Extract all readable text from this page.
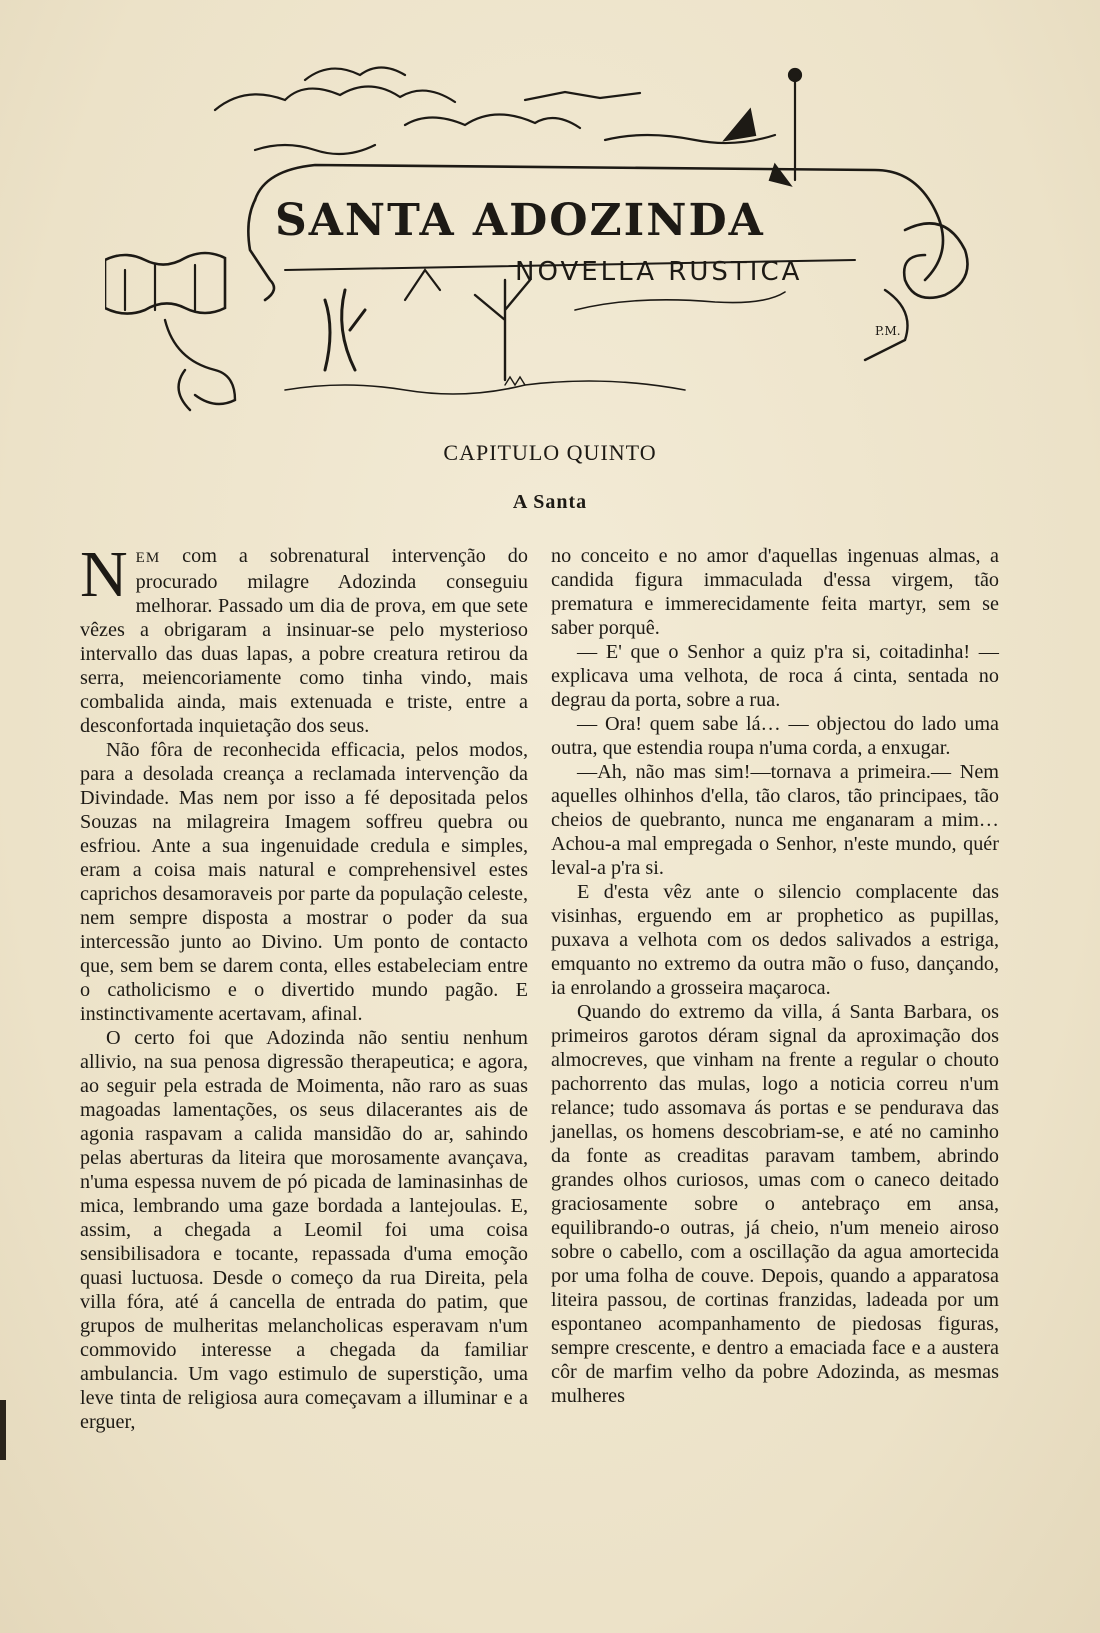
SANTA ADOZINDA
NOVELLA RUSTICA
P.M.
CAPITULO QUINTO
A Santa

NEM com a sobrenatural intervenção do procurado milagre Adozinda conseguiu melhorar. Passado um dia de prova, em que sete vêzes a obrigaram a insinuar-se pelo mysterioso intervallo das duas lapas, a pobre creatura retirou da serra, meiencoriamente como tinha vindo, mais combalida ainda, mais extenuada e triste, entre a desconfortada inquietação dos seus.

Não fôra de reconhecida efficacia, pelos modos, para a desolada creança a reclamada intervenção da Divindade. Mas nem por isso a fé depositada pelos Souzas na milagreira Imagem soffreu quebra ou esfriou. Ante a sua ingenuidade credula e simples, eram a coisa mais natural e comprehensivel estes caprichos desamoraveis por parte da população celeste, nem sempre disposta a mostrar o poder da sua intercessão junto ao Divino. Um ponto de contacto que, sem bem se darem conta, elles estabeleciam entre o catholicismo e o divertido mundo pagão. E instinctivamente acertavam, afinal.

O certo foi que Adozinda não sentiu nenhum allivio, na sua penosa digressão therapeutica; e agora, ao seguir pela estrada de Moimenta, não raro as suas magoadas lamentações, os seus dilacerantes ais de agonia raspavam a calida mansidão do ar, sahindo pelas aberturas da liteira que morosamente avançava, n'uma espessa nuvem de pó picada de laminasinhas de mica, lembrando uma gaze bordada a lantejoulas. E, assim, a chegada a Leomil foi uma coisa sensibilisadora e tocante, repassada d'uma emoção quasi luctuosa. Desde o começo da rua Direita, pela villa fóra, até á cancella de entrada do patim, que grupos de mulheritas melancholicas esperavam n'um commovido interesse a chegada da familiar ambulancia. Um vago estimulo de superstição, uma leve tinta de religiosa aura começavam a illuminar e a erguer,

no conceito e no amor d'aquellas ingenuas almas, a candida figura immaculada d'essa virgem, tão prematura e immerecidamente feita martyr, sem se saber porquê.

— E' que o Senhor a quiz p'ra si, coitadinha! — explicava uma velhota, de roca á cinta, sentada no degrau da porta, sobre a rua.

— Ora! quem sabe lá… — objectou do lado uma outra, que estendia roupa n'uma corda, a enxugar.

—Ah, não mas sim!—tornava a primeira.— Nem aquelles olhinhos d'ella, tão claros, tão principaes, tão cheios de quebranto, nunca me enganaram a mim… Achou-a mal empregada o Senhor, n'este mundo, quér leval-a p'ra si.

E d'esta vêz ante o silencio complacente das visinhas, erguendo em ar prophetico as pupillas, puxava a velhota com os dedos salivados a estriga, emquanto no extremo da outra mão o fuso, dançando, ia enrolando a grosseira maçaroca.

Quando do extremo da villa, á Santa Barbara, os primeiros garotos déram signal da aproximação dos almocreves, que vinham na frente a regular o chouto pachorrento das mulas, logo a noticia correu n'um relance; tudo assomava ás portas e se pendurava das janellas, os homens descobriam-se, e até no caminho da fonte as creaditas paravam tambem, abrindo grandes olhos curiosos, umas com o caneco deitado graciosamente sobre o antebraço em ansa, equilibrando-o outras, já cheio, n'um meneio airoso sobre o cabello, com a oscillação da agua amortecida por uma folha de couve. Depois, quando a apparatosa liteira passou, de cortinas franzidas, ladeada por um espontaneo acompanhamento de piedosas figuras, sempre crescente, e dentro a emaciada face e a austera côr de marfim velho da pobre Adozinda, as mesmas mulheres
